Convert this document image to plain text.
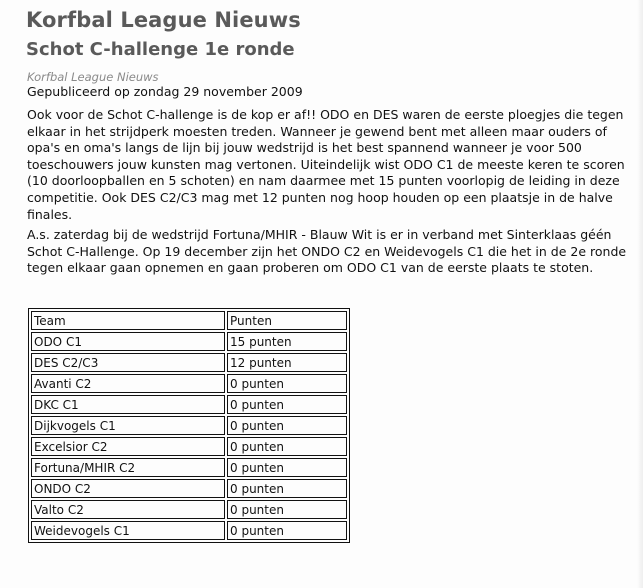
Korfbal League Nieuws
Schot C-hallenge 1e ronde
Korfbal League Nieuws
Gepubliceerd op zondag 29 november 2009

Ook voor de Schot C-hallenge is de kop er af!! ODO en DES waren de eerste ploegjes die tegen elkaar in het strijdperk moesten treden. Wanneer je gewend bent met alleen maar ouders of opa's en oma's langs de lijn bij jouw wedstrijd is het best spannend wanneer je voor 500 toeschouwers jouw kunsten mag vertonen. Uiteindelijk wist ODO C1 de meeste keren te scoren (10 doorloopballen en 5 schoten) en nam daarmee met 15 punten voorlopig de leiding in deze competitie. Ook DES C2/C3 mag met 12 punten nog hoop houden op een plaatsje in de halve finales.

A.s. zaterdag bij de wedstrijd Fortuna/MHIR - Blauw Wit is er in verband met Sinterklaas géén Schot C-Hallenge. Op 19 december zijn het ONDO C2 en Weidevogels C1 die het in de 2e ronde tegen elkaar gaan opnemen en gaan proberen om ODO C1 van de eerste plaats te stoten.

Team	Punten
ODO C1	15 punten
DES C2/C3	12 punten
Avanti C2	0 punten
DKC C1	0 punten
Dijkvogels C1	0 punten
Excelsior C2	0 punten
Fortuna/MHIR C2	0 punten
ONDO C2	0 punten
Valto C2	0 punten
Weidevogels C1	0 punten
